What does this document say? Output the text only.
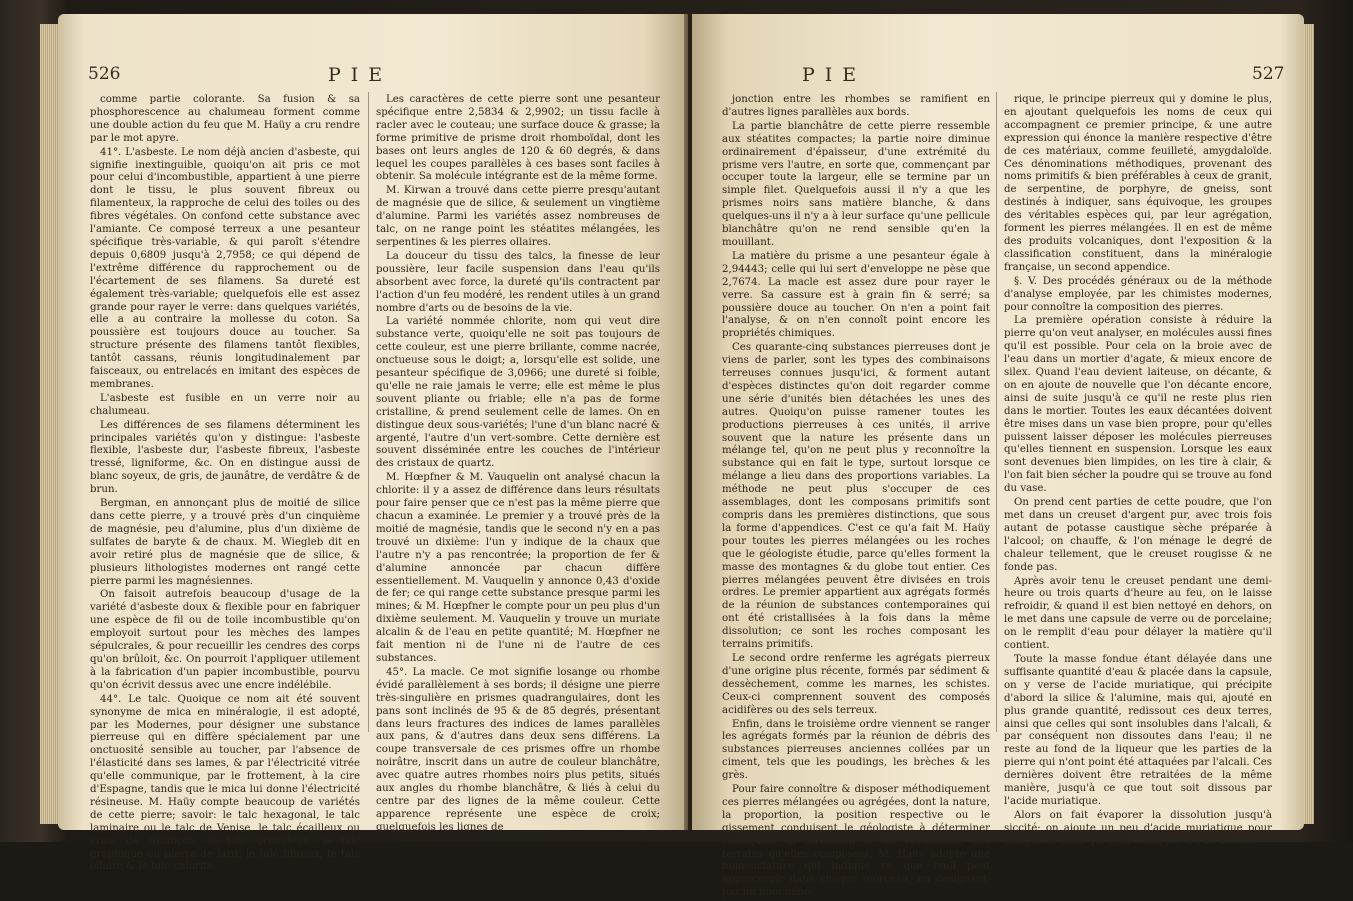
526	PIE

comme partie colorante. Sa fusion & sa phosphorescence au chalumeau forment comme une double action du feu que M. Haüy a cru rendre par le mot apyre.

41°. L'asbeste. Le nom déjà ancien d'asbeste, qui signifie inextinguible, quoiqu'on ait pris ce mot pour celui d'incombustible, appartient à une pierre dont le tissu, le plus souvent fibreux ou filamenteux, la rapproche de celui des toiles ou des fibres végétales. On confond cette substance avec l'amiante. Ce composé terreux a une pesanteur spécifique très-variable, & qui paroît s'étendre depuis 0,6809 jusqu'à 2,7958; ce qui dépend de l'extrême différence du rapprochement ou de l'écartement de ses filamens. Sa dureté est également très-variable; quelquefois elle est assez grande pour rayer le verre: dans quelques variétés, elle a au contraire la mollesse du coton. Sa poussière est toujours douce au toucher. Sa structure présente des filamens tantôt flexibles, tantôt cassans, réunis longitudinalement par faisceaux, ou entrelacés en imitant des espèces de membranes.

L'asbeste est fusible en un verre noir au chalumeau.

Les différences de ses filamens déterminent les principales variétés qu'on y distingue: l'asbeste flexible, l'asbeste dur, l'asbeste fibreux, l'asbeste tressé, ligniforme, &c. On en distingue aussi de blanc soyeux, de gris, de jaunâtre, de verdâtre & de brun.

Bergman, en annonçant plus de moitié de silice dans cette pierre, y a trouvé près d'un cinquième de magnésie, peu d'alumine, plus d'un dixième de sulfates de baryte & de chaux. M. Wiegleb dit en avoir retiré plus de magnésie que de silice, & plusieurs lithologistes modernes ont rangé cette pierre parmi les magnésiennes.

On faisoit autrefois beaucoup d'usage de la variété d'asbeste doux & flexible pour en fabriquer une espèce de fil ou de toile incombustible qu'on employoit surtout pour les mèches des lampes sépulcrales, & pour recueillir les cendres des corps qu'on brûloit, &c. On pourroit l'appliquer utilement à la fabrication d'un papier incombustible, pourvu qu'on écrivit dessus avec une encre indélébile.

44°. Le talc. Quoique ce nom ait été souvent synonyme de mica en minéralogie, il est adopté, par les Modernes, pour désigner une substance pierreuse qui en diffère spécialement par une onctuosité sensible au toucher, par l'absence de l'élasticité dans ses lames, & par l'électricité vitrée qu'elle communique, par le frottement, à la cire d'Espagne, tandis que le mica lui donne l'électricité résineuse. M. Haüy compte beaucoup de variétés de cette pierre; savoir: le talc hexagonal, le talc laminaire ou le talc de Venise, le talc écailleux ou craie de Briançon, le talc granuleux, le talc graphique ou pierre de lard, le talc fibreux, le talc ollaire & le talc chlorite.

Les caractères de cette pierre sont une pesanteur spécifique entre 2,5834 & 2,9902; un tissu facile à racler avec le couteau; une surface douce & grasse; la forme primitive de prisme droit rhomboïdal, dont les bases ont leurs angles de 120 & 60 degrés, & dans lequel les coupes parallèles à ces bases sont faciles à obtenir. Sa molécule intégrante est de la même forme.

M. Kirwan a trouvé dans cette pierre presqu'autant de magnésie que de silice, & seulement un vingtième d'alumine. Parmi les variétés assez nombreuses de talc, on ne range point les stéatites mélangées, les serpentines & les pierres ollaires.

La douceur du tissu des talcs, la finesse de leur poussière, leur facile suspension dans l'eau qu'ils absorbent avec force, la dureté qu'ils contractent par l'action d'un feu modéré, les rendent utiles à un grand nombre d'arts ou de besoins de la vie.

La variété nommée chlorite, nom qui veut dire substance verte, quoiqu'elle ne soit pas toujours de cette couleur, est une pierre brillante, comme nacrée, onctueuse sous le doigt; a, lorsqu'elle est solide, une pesanteur spécifique de 3,0966; une dureté si foible, qu'elle ne raie jamais le verre; elle est même le plus souvent pliante ou friable; elle n'a pas de forme cristalline, & prend seulement celle de lames. On en distingue deux sous-variétés; l'une d'un blanc nacré & argenté, l'autre d'un vert-sombre. Cette dernière est souvent disséminée entre les couches de l'intérieur des cristaux de quartz.

M. Hœpfner & M. Vauquelin ont analysé chacun la chlorite: il y a assez de différence dans leurs résultats pour faire penser que ce n'est pas la même pierre que chacun a examinée. Le premier y a trouvé près de la moitié de magnésie, tandis que le second n'y en a pas trouvé un dixième: l'un y indique de la chaux que l'autre n'y a pas rencontrée; la proportion de fer & d'alumine annoncée par chacun diffère essentiellement. M. Vauquelin y annonce 0,43 d'oxide de fer; ce qui range cette substance presque parmi les mines; & M. Hœpfner le compte pour un peu plus d'un dixième seulement. M. Vauquelin y trouve un muriate alcalin & de l'eau en petite quantité; M. Hœpfner ne fait mention ni de l'une ni de l'autre de ces substances.

45°. La macle. Ce mot signifie losange ou rhombe évidé parallèlement à ses bords; il désigne une pierre très-singulière en prismes quadrangulaires, dont les pans sont inclinés de 95 & de 85 degrés, présentant dans leurs fractures des indices de lames parallèles aux pans, & d'autres dans deux sens différens. La coupe transversale de ces prismes offre un rhombe noirâtre, inscrit dans un autre de couleur blanchâtre, avec quatre autres rhombes noirs plus petits, situés aux angles du rhombe blanchâtre, & liés à celui du centre par des lignes de la même couleur. Cette apparence représente une espèce de croix; quelquefois les lignes de

PIE	527

jonction entre les rhombes se ramifient en d'autres lignes parallèles aux bords.

La partie blanchâtre de cette pierre ressemble aux stéatites compactes; la partie noire diminue ordinairement d'épaisseur, d'une extrémité du prisme vers l'autre, en sorte que, commençant par occuper toute la largeur, elle se termine par un simple filet. Quelquefois aussi il n'y a que les prismes noirs sans matière blanche, & dans quelques-uns il n'y a à leur surface qu'une pellicule blanchâtre qu'on ne rend sensible qu'en la mouillant.

La matière du prisme a une pesanteur égale à 2,94443; celle qui lui sert d'enveloppe ne pèse que 2,7674. La macle est assez dure pour rayer le verre. Sa cassure est à grain fin & serré; sa poussière douce au toucher. On n'en a point fait l'analyse, & on n'en connoît point encore les propriétés chimiques.

Ces quarante-cinq substances pierreuses dont je viens de parler, sont les types des combinaisons terreuses connues jusqu'ici, & forment autant d'espèces distinctes qu'on doit regarder comme une série d'unités bien détachées les unes des autres. Quoiqu'on puisse ramener toutes les productions pierreuses à ces unités, il arrive souvent que la nature les présente dans un mélange tel, qu'on ne peut plus y reconnoître la substance qui en fait le type, surtout lorsque ce mélange a lieu dans des proportions variables. La méthode ne peut plus s'occuper de ces assemblages, dont les composans primitifs sont compris dans les premières distinctions, que sous la forme d'appendices. C'est ce qu'a fait M. Haüy pour toutes les pierres mélangées ou les roches que le géologiste étudie, parce qu'elles forment la masse des montagnes & du globe tout entier. Ces pierres mélangées peuvent être divisées en trois ordres. Le premier appartient aux agrégats formés de la réunion de substances contemporaines qui ont été cristallisées à la fois dans la même dissolution; ce sont les roches composant les terrains primitifs.

Le second ordre renferme les agrégats pierreux d'une origine plus récente, formés par sédiment & dessèchement, comme les marnes, les schistes. Ceux-ci comprennent souvent des composés acidifères ou des sels terreux.

Enfin, dans le troisième ordre viennent se ranger les agrégats formés par la réunion de débris des substances pierreuses anciennes collées par un ciment, tels que les poudings, les brèches & les grès.

Pour faire connoître & disposer méthodiquement ces pierres mélangées ou agrégées, dont la nature, la proportion, la position respective ou le gissement conduisent le géologiste à déterminer l'antiquité, la formation & les révolutions des terrains qu'elles composent, M. Haüy adopte une nomenclature qui indique ce que l'œil peut appercevoir dans chaque morceau, en désignant, par un nom géné-

rique, le principe pierreux qui y domine le plus, en ajoutant quelquefois les noms de ceux qui accompagnent ce premier principe, & une autre expression qui énonce la manière respective d'être de ces matériaux, comme feuilleté, amygdaloïde. Ces dénominations méthodiques, provenant des noms primitifs & bien préférables à ceux de granit, de serpentine, de porphyre, de gneiss, sont destinés à indiquer, sans équivoque, les groupes des véritables espèces qui, par leur agrégation, forment les pierres mélangées. Il en est de même des produits volcaniques, dont l'exposition & la classification constituent, dans la minéralogie française, un second appendice.

§. V. Des procédés généraux ou de la méthode d'analyse employée, par les chimistes modernes, pour connoître la composition des pierres.

La première opération consiste à réduire la pierre qu'on veut analyser, en molécules aussi fines qu'il est possible. Pour cela on la broie avec de l'eau dans un mortier d'agate, & mieux encore de silex. Quand l'eau devient laiteuse, on décante, & on en ajoute de nouvelle que l'on décante encore, ainsi de suite jusqu'à ce qu'il ne reste plus rien dans le mortier. Toutes les eaux décantées doivent être mises dans un vase bien propre, pour qu'elles puissent laisser déposer les molécules pierreuses qu'elles tiennent en suspension. Lorsque les eaux sont devenues bien limpides, on les tire à clair, & l'on fait bien sécher la poudre qui se trouve au fond du vase.

On prend cent parties de cette poudre, que l'on met dans un creuset d'argent pur, avec trois fois autant de potasse caustique sèche préparée à l'alcool; on chauffe, & l'on ménage le degré de chaleur tellement, que le creuset rougisse & ne fonde pas.

Après avoir tenu le creuset pendant une demi-heure ou trois quarts d'heure au feu, on le laisse refroidir, & quand il est bien nettoyé en dehors, on le met dans une capsule de verre ou de porcelaine; on le remplit d'eau pour délayer la matière qu'il contient.

Toute la masse fondue étant délayée dans une suffisante quantité d'eau & placée dans la capsule, on y verse de l'acide muriatique, qui précipite d'abord la silice & l'alumine, mais qui, ajouté en plus grande quantité, redissout ces deux terres, ainsi que celles qui sont insolubles dans l'alcali, & par conséquent non dissoutes dans l'eau; il ne reste au fond de la liqueur que les parties de la pierre qui n'ont point été attaquées par l'alcali. Ces dernières doivent être retraitées de la même manière, jusqu'à ce que tout soit dissous par l'acide muriatique.

Alors on fait évaporer la dissolution jusqu'à siccité; on ajoute un peu d'acide muriatique pour remplacer celui qui s'est échappé, & l'on dissout
